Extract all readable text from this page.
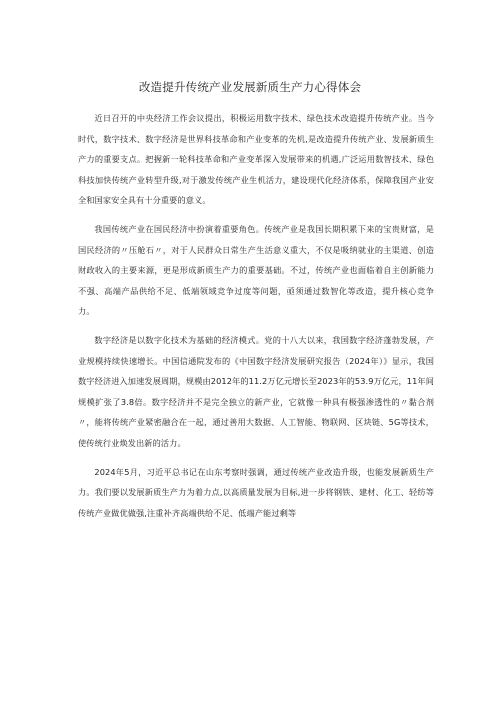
改造提升传统产业发展新质生产力心得体会

近日召开的中央经济工作会议提出，积极运用数字技术、绿色技术改造提升传统产业。当今时代，数字技术、数字经济是世界科技革命和产业变革的先机,是改造提升传统产业、发展新质生产力的重要支点。把握新一轮科技革命和产业变革深入发展带来的机遇,广泛运用数智技术、绿色科技加快传统产业转型升级,对于激发传统产业生机活力，建设现代化经济体系，保障我国产业安全和国家安全具有十分重要的意义。

我国传统产业在国民经济中扮演着重要角色。传统产业是我国长期积累下来的宝贵财富，是国民经济的〃压舱石〃，对于人民群众日常生产生活意义重大，不仅是吸纳就业的主渠道、创造财政收入的主要来源，更是形成新质生产力的重要基础。不过，传统产业也面临着自主创新能力不强、高端产品供给不足、低端领域竞争过度等问题，亟须通过数智化等改造，提升核心竞争力。

数字经济是以数字化技术为基础的经济模式。党的十八大以来，我国数字经济蓬勃发展，产业规模持续快速增长。中国信通院发布的《中国数字经济发展研究报告（2024年）》显示，我国数字经济进入加速发展周期，规模由2012年的11.2万亿元增长至2023年的53.9万亿元，11年间规模扩张了3.8倍。数字经济并不是完全独立的新产业，它就像一种具有极强渗透性的〃黏合剂〃，能将传统产业紧密融合在一起，通过善用大数据、人工智能、物联网、区块链、5G等技术，使传统行业焕发出新的活力。

2024年5月，习近平总书记在山东考察时强调，通过传统产业改造升级，也能发展新质生产力。我们要以发展新质生产力为着力点,以高质量发展为目标,进一步将钢铁、建材、化工、轻纺等传统产业做优做强,注重补齐高端供给不足、低端产能过剩等
